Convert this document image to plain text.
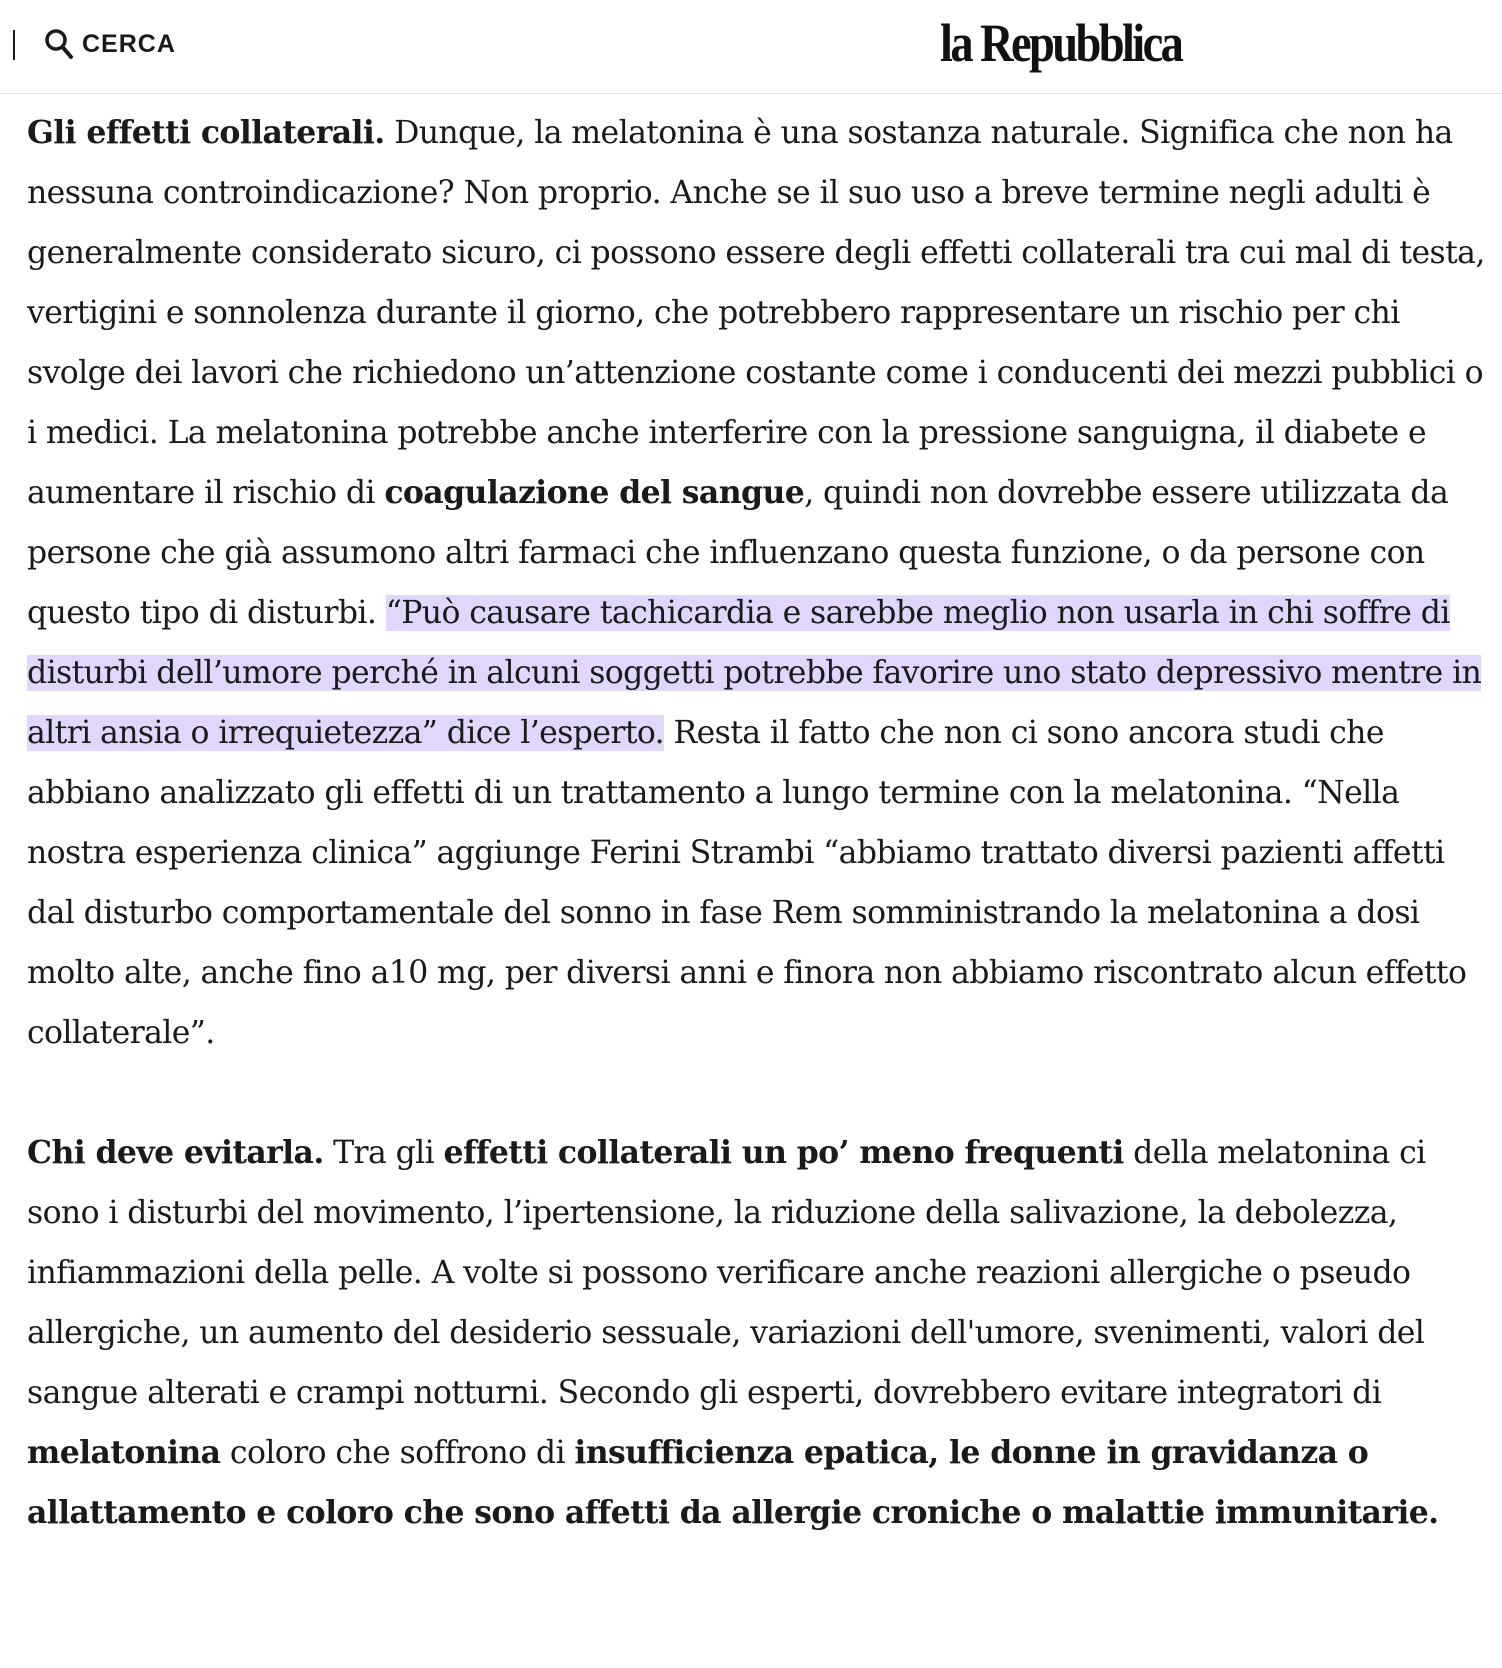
CERCA	la Repubblica

Gli effetti collaterali. Dunque, la melatonina è una sostanza naturale. Significa che non ha nessuna controindicazione? Non proprio. Anche se il suo uso a breve termine negli adulti è generalmente considerato sicuro, ci possono essere degli effetti collaterali tra cui mal di testa, vertigini e sonnolenza durante il giorno, che potrebbero rappresentare un rischio per chi svolge dei lavori che richiedono un’attenzione costante come i conducenti dei mezzi pubblici o i medici. La melatonina potrebbe anche interferire con la pressione sanguigna, il diabete e aumentare il rischio di coagulazione del sangue, quindi non dovrebbe essere utilizzata da persone che già assumono altri farmaci che influenzano questa funzione, o da persone con questo tipo di disturbi. “Può causare tachicardia e sarebbe meglio non usarla in chi soffre di disturbi dell’umore perché in alcuni soggetti potrebbe favorire uno stato depressivo mentre in altri ansia o irrequietezza” dice l’esperto. Resta il fatto che non ci sono ancora studi che abbiano analizzato gli effetti di un trattamento a lungo termine con la melatonina. “Nella nostra esperienza clinica” aggiunge Ferini Strambi “abbiamo trattato diversi pazienti affetti dal disturbo comportamentale del sonno in fase Rem somministrando la melatonina a dosi molto alte, anche fino a10 mg, per diversi anni e finora non abbiamo riscontrato alcun effetto collaterale”.

Chi deve evitarla. Tra gli effetti collaterali un po’ meno frequenti della melatonina ci sono i disturbi del movimento, l’ipertensione, la riduzione della salivazione, la debolezza, infiammazioni della pelle. A volte si possono verificare anche reazioni allergiche o pseudo allergiche, un aumento del desiderio sessuale, variazioni dell'umore, svenimenti, valori del sangue alterati e crampi notturni. Secondo gli esperti, dovrebbero evitare integratori di melatonina coloro che soffrono di insufficienza epatica, le donne in gravidanza o allattamento e coloro che sono affetti da allergie croniche o malattie immunitarie.
